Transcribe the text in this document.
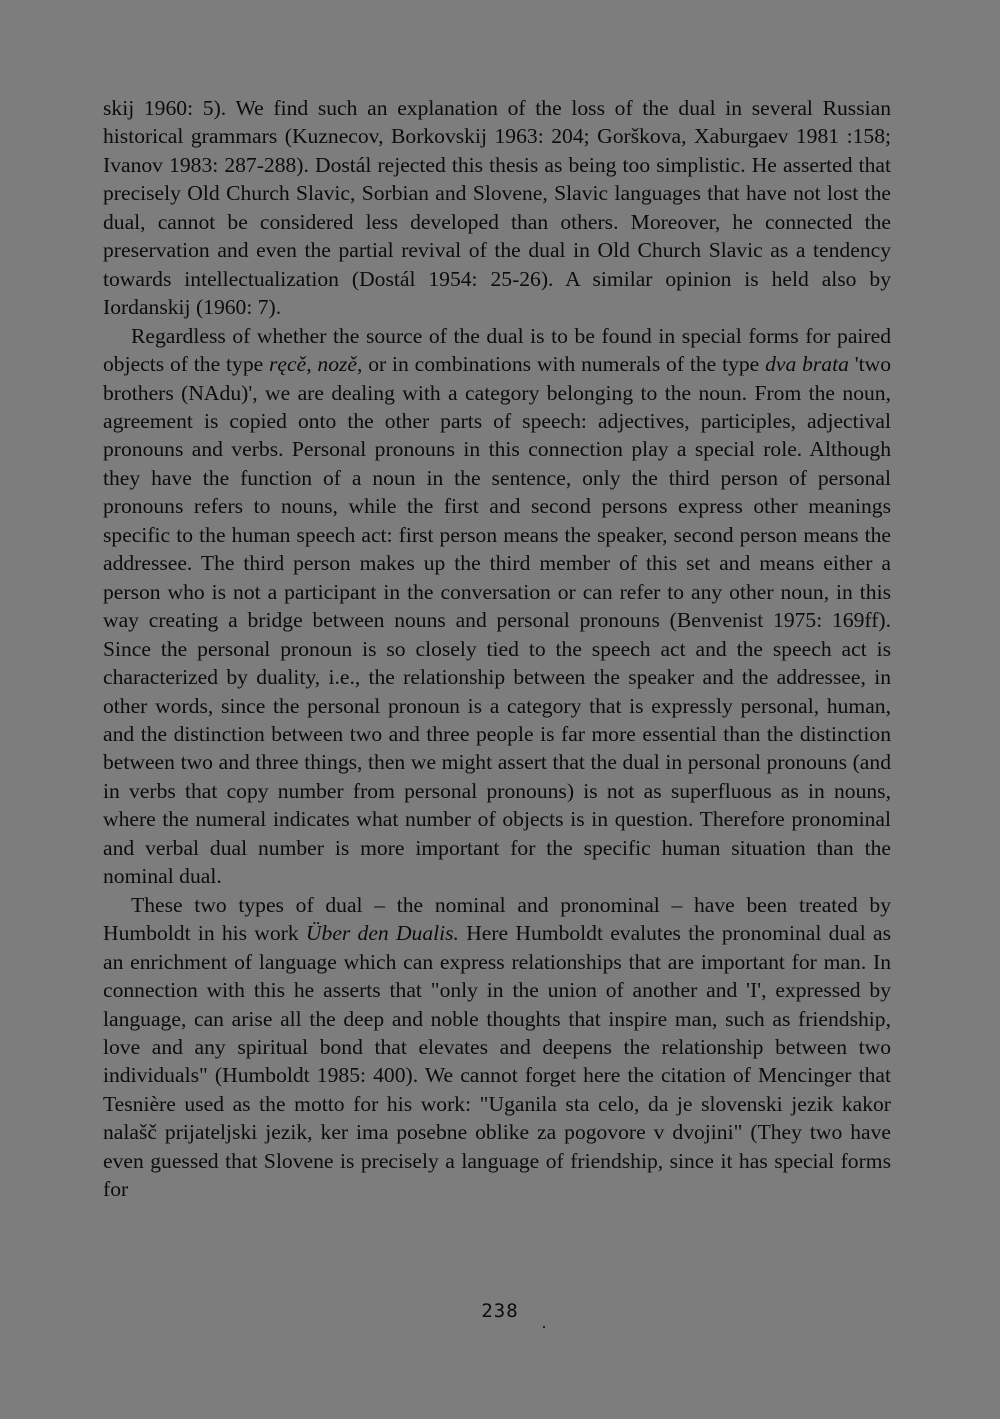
skij 1960: 5). We find such an explanation of the loss of the dual in several Russian historical grammars (Kuznecov, Borkovskij 1963: 204; Gorškova, Xaburgaev 1981 :158; Ivanov 1983: 287-288). Dostál rejected this thesis as being too simplistic. He asserted that precisely Old Church Slavic, Sorbian and Slovene, Slavic languages that have not lost the dual, cannot be considered less developed than others. Moreover, he connected the preservation and even the partial revival of the dual in Old Church Slavic as a tendency towards intellectualization (Dostál 1954: 25-26). A similar opinion is held also by Iordanskij (1960: 7).

Regardless of whether the source of the dual is to be found in special forms for paired objects of the type ręcě, nozě, or in combinations with numerals of the type dva brata 'two brothers (NAdu)', we are dealing with a category belonging to the noun. From the noun, agreement is copied onto the other parts of speech: adjectives, participles, adjectival pronouns and verbs. Personal pronouns in this connection play a special role. Although they have the function of a noun in the sentence, only the third person of personal pronouns refers to nouns, while the first and second persons express other meanings specific to the human speech act: first person means the speaker, second person means the addressee. The third person makes up the third member of this set and means either a person who is not a participant in the conversation or can refer to any other noun, in this way creating a bridge between nouns and personal pronouns (Benvenist 1975: 169ff). Since the personal pronoun is so closely tied to the speech act and the speech act is characterized by duality, i.e., the relationship between the speaker and the addressee, in other words, since the personal pronoun is a category that is expressly personal, human, and the distinction between two and three people is far more essential than the distinction between two and three things, then we might assert that the dual in personal pronouns (and in verbs that copy number from personal pronouns) is not as superfluous as in nouns, where the numeral indicates what number of objects is in question. Therefore pronominal and verbal dual number is more important for the specific human situation than the nominal dual.

These two types of dual – the nominal and pronominal – have been treated by Humboldt in his work Über den Dualis. Here Humboldt evalutes the pronominal dual as an enrichment of language which can express relationships that are important for man. In connection with this he asserts that "only in the union of another and 'I', expressed by language, can arise all the deep and noble thoughts that inspire man, such as friendship, love and any spiritual bond that elevates and deepens the relationship between two individuals" (Humboldt 1985: 400). We cannot forget here the citation of Mencinger that Tesnière used as the motto for his work: "Uganila sta celo, da je slovenski jezik kakor nalašč prijateljski jezik, ker ima posebne oblike za pogovore v dvojini" (They two have even guessed that Slovene is precisely a language of friendship, since it has special forms for

238
